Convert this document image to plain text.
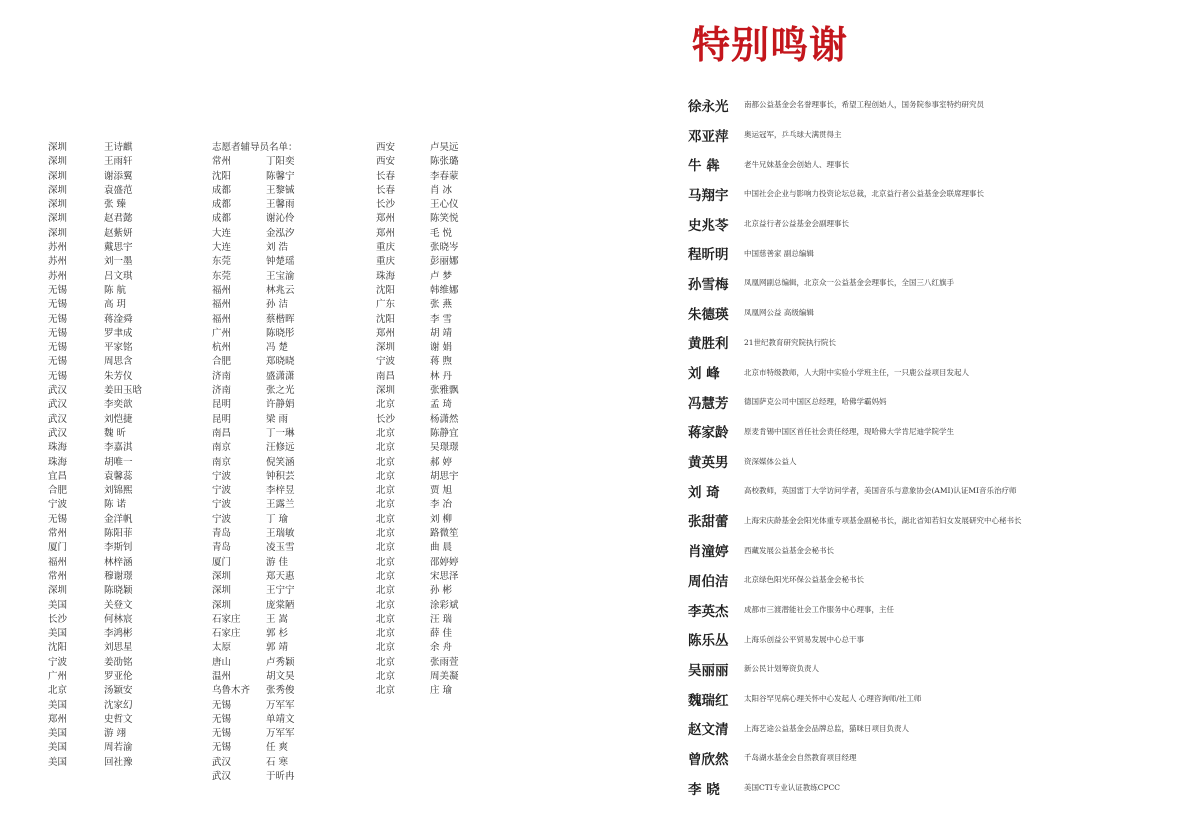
深圳	王诗麒
深圳	王雨轩
深圳	谢添翼
深圳	袁盛范
深圳	张 臻
深圳	赵君懿
深圳	赵紫妍
苏州	戴思宇
苏州	刘一墨
苏州	吕文琪
无锡	陈 航
无锡	高 玥
无锡	蒋淦舜
无锡	罗聿成
无锡	平家铭
无锡	周思含
无锡	朱芳仪
武汉	姜田玉晗
武汉	李奕歆
武汉	刘恺捷
武汉	魏 昕
珠海	李嘉淇
珠海	胡唯一
宜昌	袁馨蕊
合肥	刘锦熙
宁波	陈 诺
无锡	金洋帆
常州	陈阳菲
厦门	李斯钊
福州	林梓涵
常州	穆谢璟
深圳	陈晓颖
美国	关登文
长沙	何林宸
美国	李鸿彬
沈阳	刘思星
宁波	姜劭铭
广州	罗亚伦
北京	汤颖安
美国	沈家幻
郑州	史哲文
美国	游 翊
美国	周若渝
美国	回社豫
志愿者辅导员名单：
常州	丁阳奕
沈阳	陈馨宁
成都	王黎铖
成都	王馨雨
成都	谢沁伶
大连	金泓汐
大连	刘 浩
东莞	钟楚瑶
东莞	王宝渝
福州	林兆云
福州	孙 洁
福州	蔡楷晖
广州	陈晓彤
杭州	冯 楚
合肥	郑晓晓
济南	盛潇潇
济南	张之光
昆明	许静娟
昆明	梁 雨
南昌	丁一琳
南京	汪修远
南京	倪笑涵
宁波	钟积芸
宁波	李梓昱
宁波	王露兰
宁波	丁 瑜
青岛	王瑞敏
青岛	凌玉雪
厦门	游 佳
深圳	郑天惠
深圳	王宁宁
深圳	庞棠陋
石家庄	王 嵩
石家庄	郭 杉
太原	郭 靖
唐山	卢秀颖
温州	胡文昊
乌鲁木齐	张秀俊
无锡	万军军
无锡	单靖文
无锡	万军军
无锡	任 爽
武汉	石 寒
武汉	于昕冉
西安	卢昊远
西安	陈张璐
长春	李春蒙
长春	肖 冰
长沙	王心仪
郑州	陈笑悦
郑州	毛 悦
重庆	张晓岑
重庆	彭丽娜
珠海	卢 梦
沈阳	韩维娜
广东	张 燕
沈阳	李 雪
郑州	胡 靖
深圳	谢 娟
宁波	蒋 煦
南昌	林 丹
深圳	张雅飘
北京	孟 琦
长沙	杨潇然
北京	陈静宜
北京	吴璟璟
北京	郝 婷
北京	胡思宇
北京	贾 旭
北京	李 冶
北京	刘 柳
北京	路微笙
北京	曲 晨
北京	邵婷婷
北京	宋思泽
北京	孙 彬
北京	涂彩斌
北京	汪 瑞
北京	薛 佳
北京	余 舟
北京	张雨萱
北京	周美凝
北京	庄 瑜
特别鸣谢
徐永光	南都公益基金会名誉理事长，希望工程创始人，国务院参事室特约研究员
邓亚萍	奥运冠军，乒乓球大满贯得主
牛 犇	老牛兄妹基金会创始人、理事长
马翔宇	中国社会企业与影响力投资论坛总裁，北京益行者公益基金会联席理事长
史兆苓	北京益行者公益基金会副理事长
程昕明	中国慈善家 副总编辑
孙雪梅	凤凰网副总编辑，北京众一公益基金会理事长，全国三八红旗手
朱德瑛	凤凰网公益 高级编辑
黄胜利	21世纪教育研究院执行院长
刘 峰	北京市特级教师，人大附中实验小学班主任，一只鹿公益项目发起人
冯慧芳	德国萨克公司中国区总经理，哈佛学霸妈妈
蒋家龄	原麦肯锡中国区首任社会责任经理，现哈佛大学肯尼迪学院学生
黄英男	资深媒体公益人
刘 琦	高校教师，英国雷丁大学访问学者，美国音乐与意象协会(AMI)认证MI音乐治疗师
张甜蕾	上海宋庆龄基金会阳光体重专项基金副秘书长，湖北省知若妇女发展研究中心秘书长
肖潼婷	西藏发展公益基金会秘书长
周伯洁	北京绿色阳光环保公益基金会秘书长
李英杰	成都市三渡潜能社会工作服务中心理事，主任
陈乐丛	上海乐创益公平贸易发展中心总干事
吴丽丽	新公民计划筹资负责人
魏瑞红	太阳谷罕见病心理关怀中心发起人 心理咨询师/社工师
赵文清	上海艺途公益基金会品牌总监，猫咪日项目负责人
曾欣然	千岛湖水基金会自然教育项目经理
李 晓	美国CTI专业认证教练CPCC
